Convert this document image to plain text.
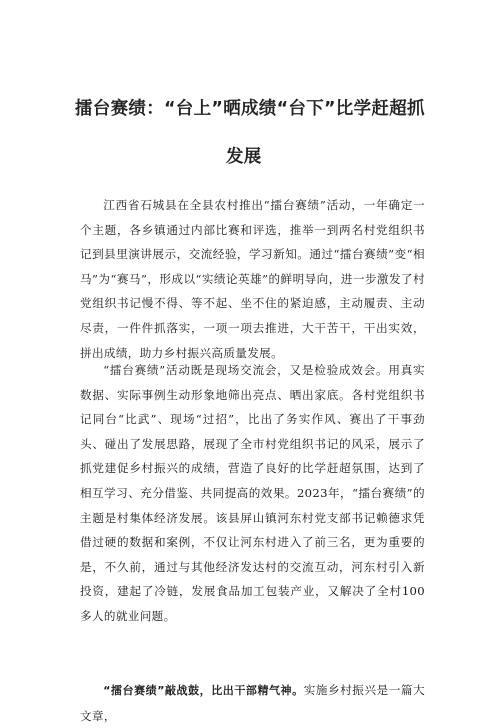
擂台赛绩：“台上”晒成绩“台下”比学赶超抓
发展

江西省石城县在全县农村推出“擂台赛绩”活动，一年确定一个主题，各乡镇通过内部比赛和评选，推举一到两名村党组织书记到县里演讲展示，交流经验，学习新知。通过“擂台赛绩”变“相马”为“赛马”，形成以“实绩论英雄”的鲜明导向，进一步激发了村党组织书记慢不得、等不起、坐不住的紧迫感，主动履责、主动尽责，一件件抓落实，一项一项去推进，大干苦干，干出实效，拼出成绩，助力乡村振兴高质量发展。

“擂台赛绩”活动既是现场交流会，又是检验成效会。用真实数据、实际事例生动形象地筛出亮点、晒出家底。各村党组织书记同台“比武”、现场“过招”，比出了务实作风、赛出了干事劲头、碰出了发展思路，展现了全市村党组织书记的风采，展示了抓党建促乡村振兴的成绩，营造了良好的比学赶超氛围，达到了相互学习、充分借鉴、共同提高的效果。2023年，“擂台赛绩”的主题是村集体经济发展。该县屏山镇河东村党支部书记赖德求凭借过硬的数据和案例，不仅让河东村进入了前三名，更为重要的是，不久前，通过与其他经济发达村的交流互动，河东村引入新投资，建起了冷链，发展食品加工包装产业，又解决了全村100多人的就业问题。

“擂台赛绩”敲战鼓，比出干部精气神。实施乡村振兴是一篇大文章，
